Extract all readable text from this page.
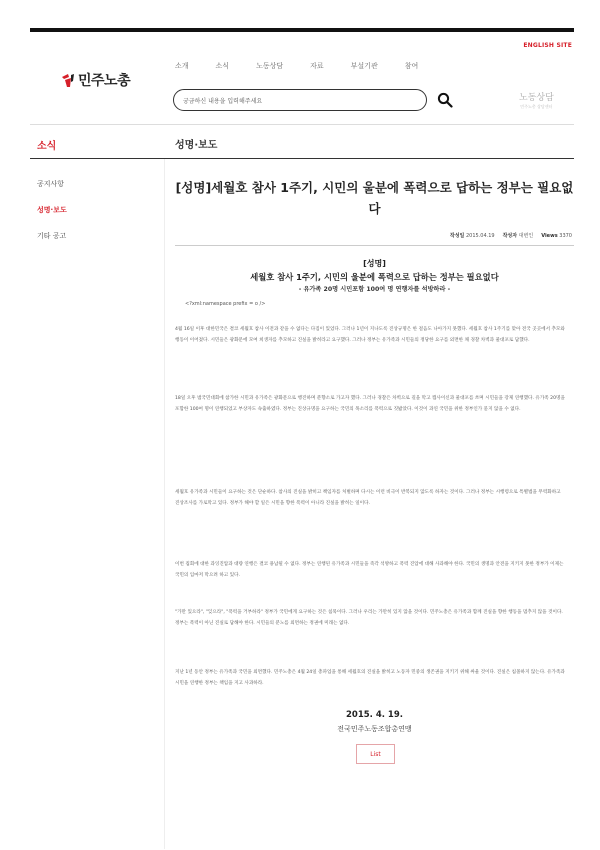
ENGLISH SITE
민주노총
소개	소식	노동상담	자료	부설기관	참여
궁금하신 내용을 입력해주세요	노동상담
민주노총 상담센터
소식	성명·보도
공지사항
성명·보도
기타 공고
[성명]세월호 참사 1주기, 시민의 울분에 폭력으로 답하는 정부는 필요없다
작성일 2015.04.19 작성자 대변인 Views 3370
[성명]
세월호 참사 1주기, 시민의 울분에 폭력으로 답하는 정부는 필요없다
- 유가족 20명 시민포함 100여 명 연행자를 석방하라 -
<?xml:namespace prefix = o />

4월 16일 이후 대한민국은 결코 세월호 참사 이전과 같을 수 없다는 다짐이 있었다. 그러나 1년이 지나도록 진상규명은 한 걸음도 나아가지 못했다. 세월호 참사 1주기를 맞아 전국 곳곳에서 추모와 행동이 이어졌다. 시민들은 광화문에 모여 희생자를 추모하고 진실을 밝히라고 요구했다. 그러나 정부는 유가족과 시민들의 정당한 요구를 외면한 채 경찰 차벽과 물대포로 답했다.

18일 오후 범국민대회에 참가한 시민과 유가족은 광화문으로 행진하며 분향소로 가고자 했다. 그러나 경찰은 차벽으로 길을 막고 캡사이신과 물대포를 쏘며 시민들을 강제 연행했다. 유가족 20명을 포함한 100여 명이 연행되었고 부상자도 속출하였다. 정부는 진상규명을 요구하는 국민의 목소리를 폭력으로 짓밟았다. 이것이 과연 국민을 위한 정부인가 묻지 않을 수 없다.

세월호 유가족과 시민들이 요구하는 것은 단순하다. 참사의 진실을 밝히고 책임자를 처벌하며 다시는 이런 비극이 반복되지 않도록 하자는 것이다. 그러나 정부는 시행령으로 특별법을 무력화하고 진상조사를 가로막고 있다. 정부가 해야 할 일은 시민을 향한 폭력이 아니라 진실을 밝히는 일이다.

이번 집회에 대한 과잉진압과 대량 연행은 결코 용납될 수 없다. 정부는 연행된 유가족과 시민들을 즉각 석방하고 폭력 진압에 대해 사과해야 한다. 국민의 생명과 안전을 지키지 못한 정부가 이제는 국민의 입마저 막으려 하고 있다.

"가만 있으라", "잊으라", "폭력을 거부하라" 정부가 국민에게 요구하는 것은 침묵이다. 그러나 우리는 가만히 있지 않을 것이다. 민주노총은 유가족과 함께 진실을 향한 행동을 멈추지 않을 것이다. 정부는 폭력이 아닌 진실로 답해야 한다. 시민들의 분노를 외면하는 정권에 미래는 없다.

지난 1년 동안 정부는 유가족과 국민을 외면했다. 민주노총은 4월 24일 총파업을 통해 세월호의 진실을 밝히고 노동자 민중의 생존권을 지키기 위해 싸울 것이다. 진실은 침몰하지 않는다. 유가족과 시민을 연행한 정부는 책임을 지고 사과하라.

2015. 4. 19.
전국민주노동조합총연맹
List
